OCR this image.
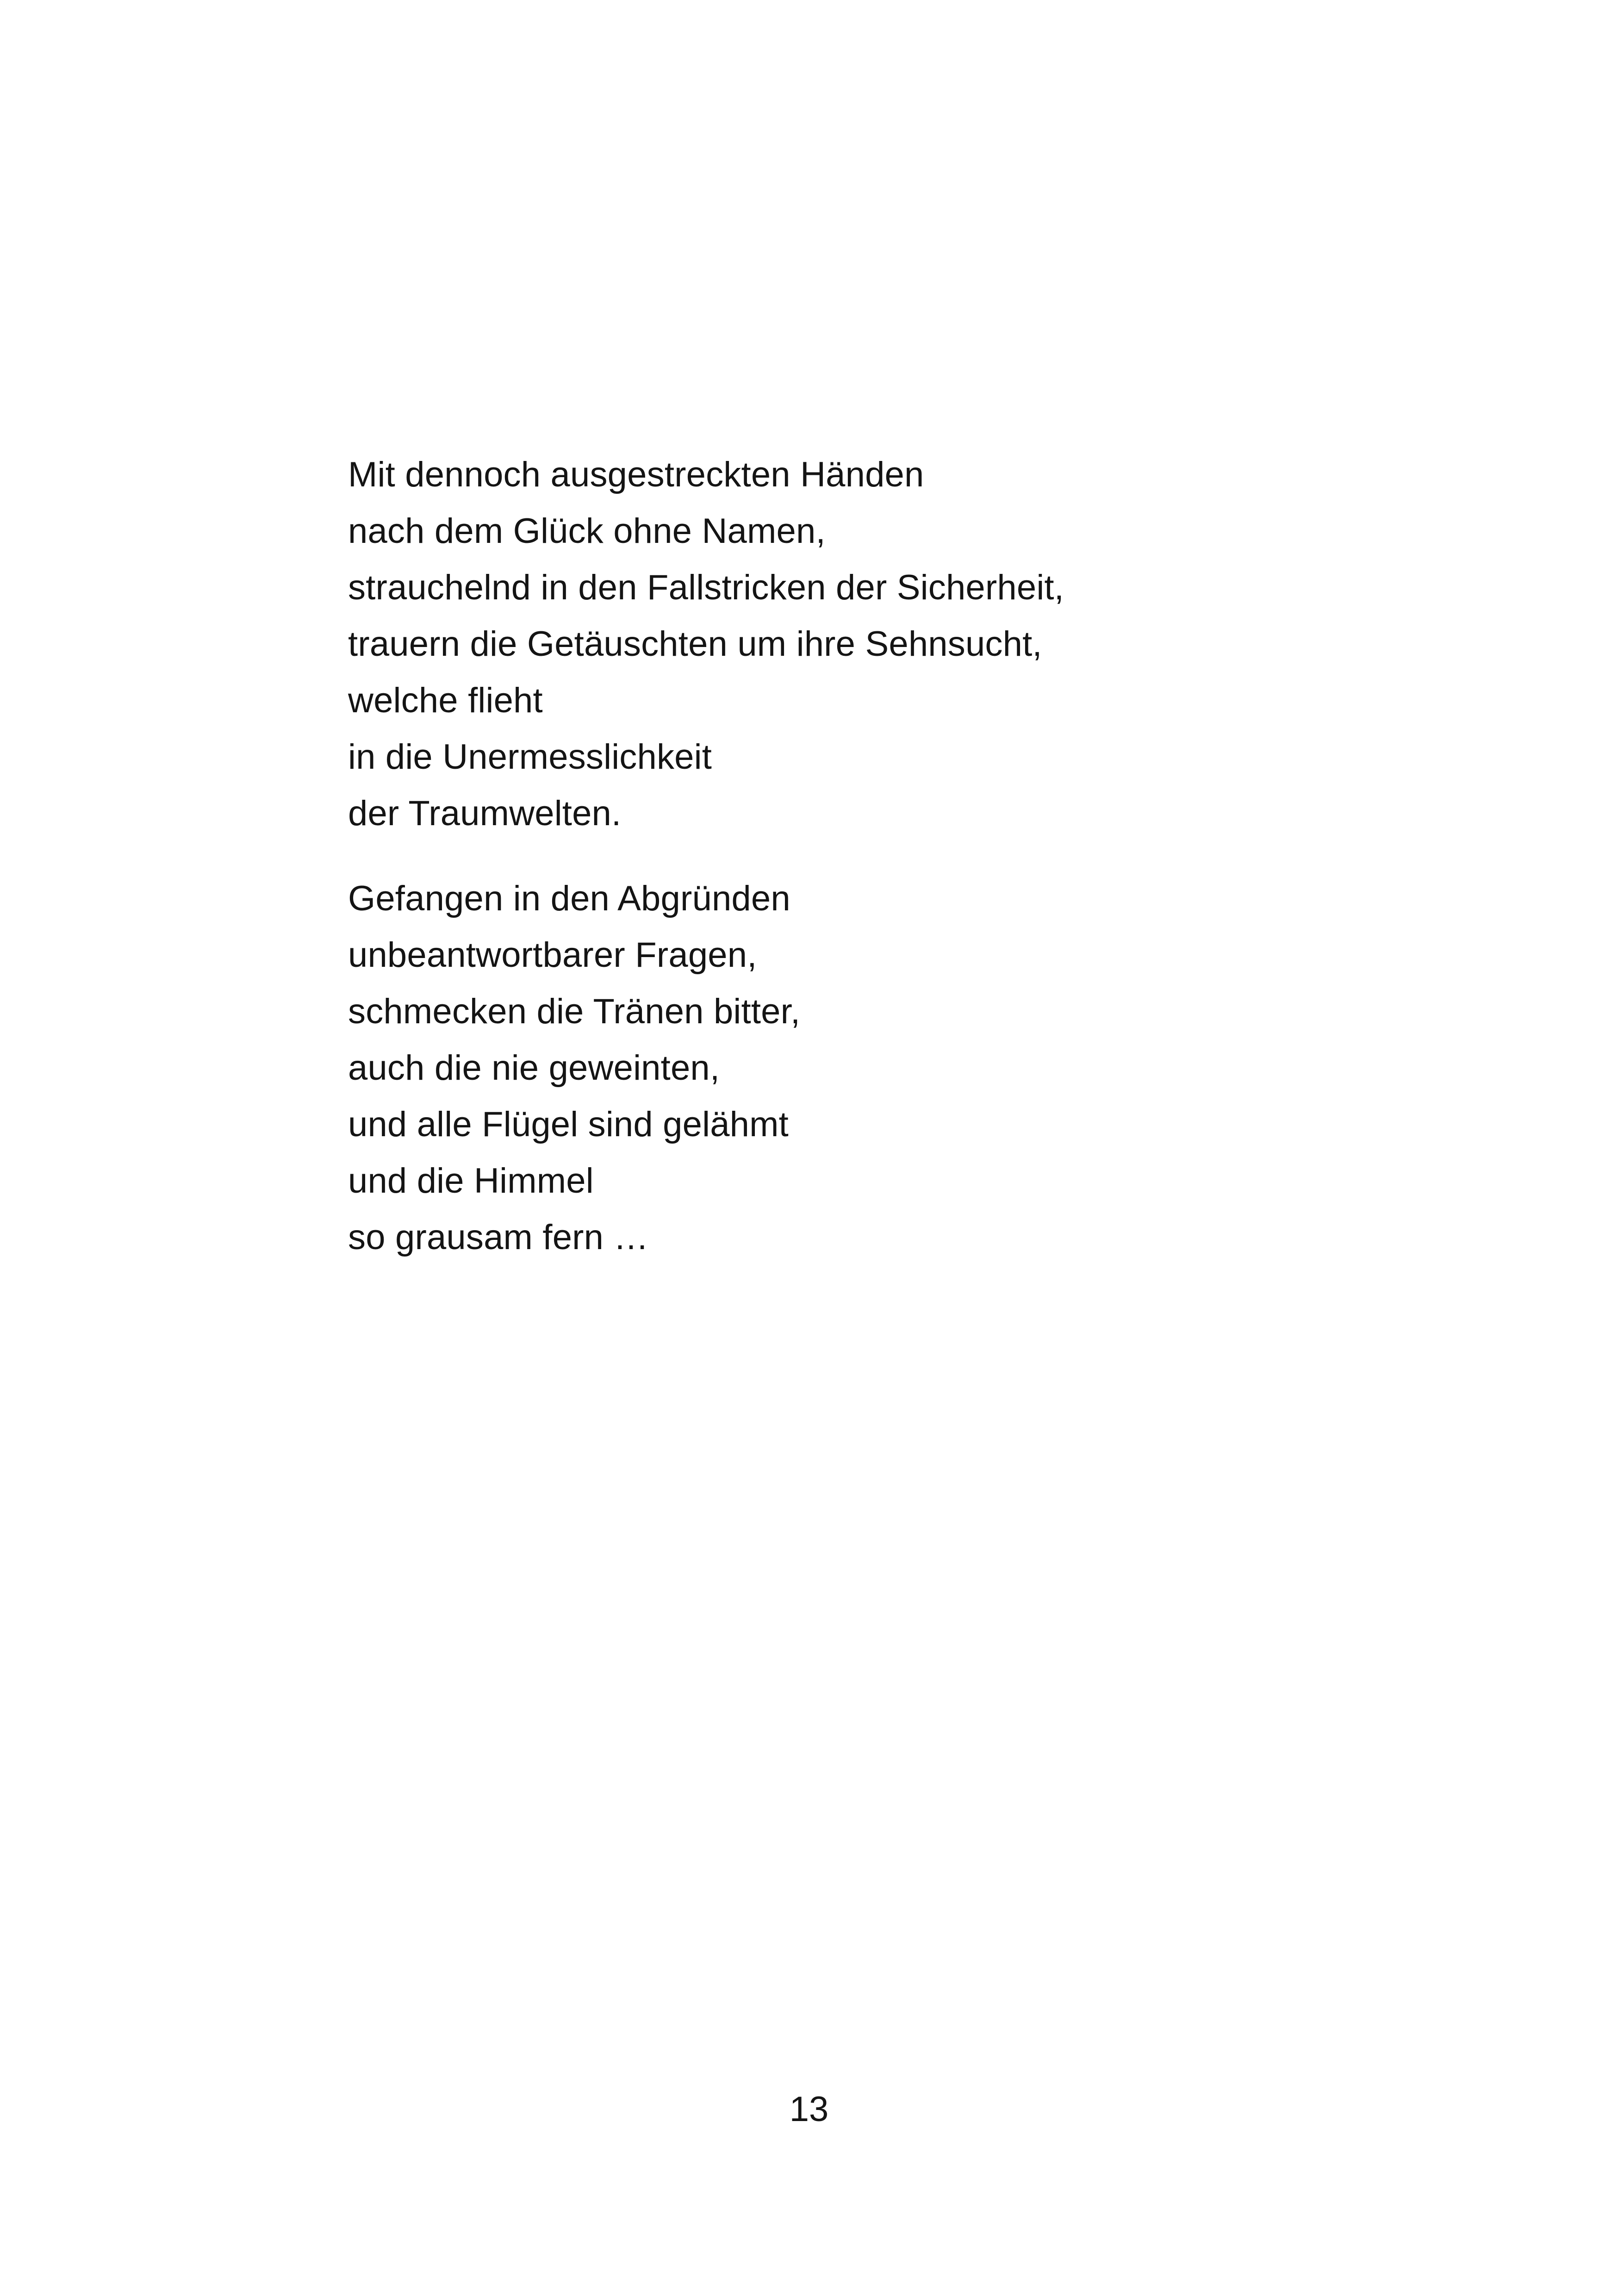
Mit dennoch ausgestreckten Händen
nach dem Glück ohne Namen,
strauchelnd in den Fallstricken der Sicherheit,
trauern die Getäuschten um ihre Sehnsucht,
welche flieht
in die Unermesslichkeit
der Traumwelten.

Gefangen in den Abgründen
unbeantwortbarer Fragen,
schmecken die Tränen bitter,
auch die nie geweinten,
und alle Flügel sind gelähmt
und die Himmel
so grausam fern …

13
